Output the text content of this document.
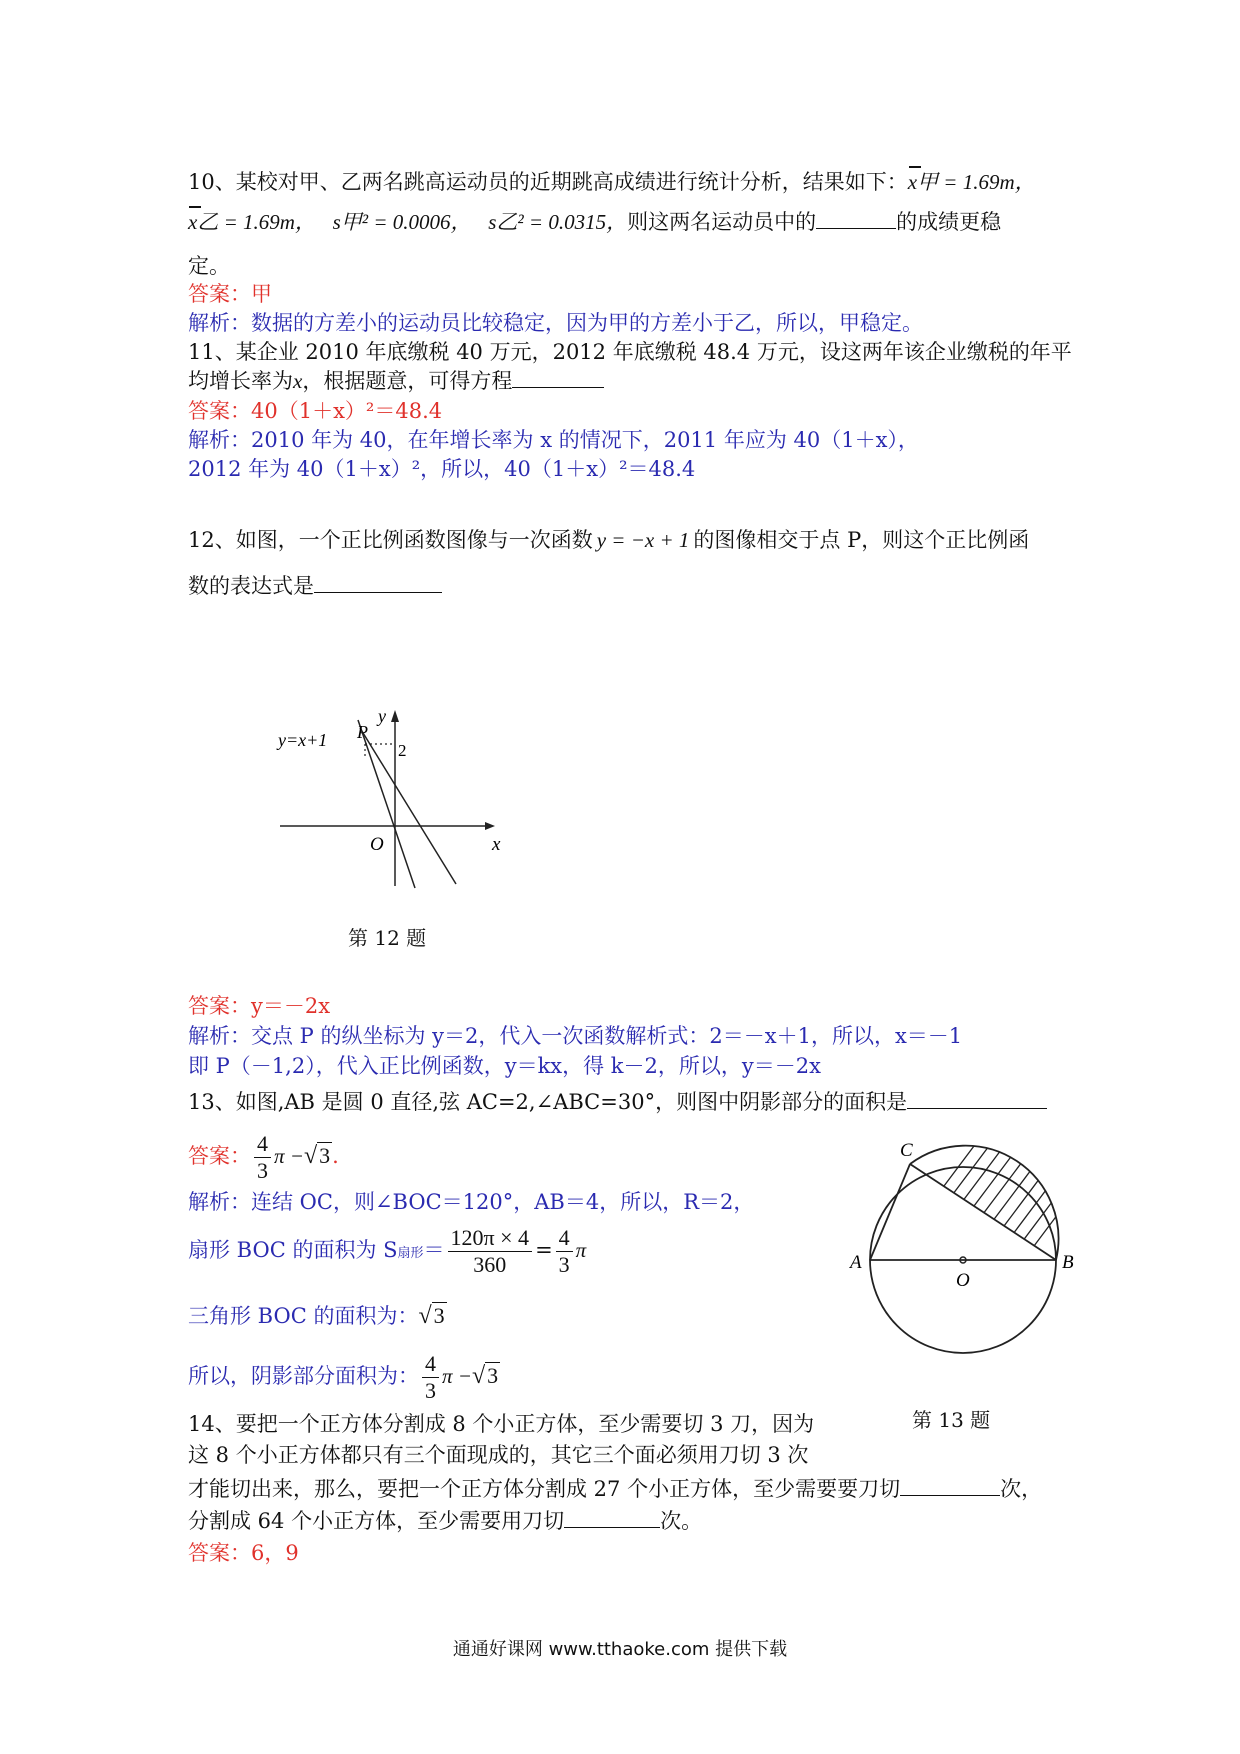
10、某校对甲、乙两名跳高运动员的近期跳高成绩进行统计分析，结果如下：x甲 = 1.69m，
x乙 = 1.69m， s甲² = 0.0006， s乙² = 0.0315，则这两名运动员中的	的成绩更稳
定。
答案：甲
解析：数据的方差小的运动员比较稳定，因为甲的方差小于乙，所以，甲稳定。
11、某企业 2010 年底缴税 40 万元，2012 年底缴税 48.4 万元，设这两年该企业缴税的年平
均增长率为x，根据题意，可得方程
答案：40（1＋x）²＝48.4
解析：2010 年为 40，在年增长率为 x 的情况下，2011 年应为 40（1＋x），
2012 年为 40（1＋x）²，所以，40（1＋x）²＝48.4
12、如图，一个正比例函数图像与一次函数 y = −x + 1 的图像相交于点 P，则这个正比例函
数的表达式是
y=x+1 P
y
2
O	x
第 12 题
答案：y＝－2x
解析：交点 P 的纵坐标为 y＝2，代入一次函数解析式：2＝－x＋1，所以，x＝－1
即 P（－1,2），代入正比例函数，y＝kx，得 k－2，所以，y＝－2x
13、如图,AB 是圆 0 直径,弦 AC=2,∠ABC=30°，则图中阴影部分的面积是
答案： $\frac{4}{3}$ π −√3.
解析：连结 OC，则∠BOC＝120°，AB＝4，所以，R＝2，
扇形 BOC 的面积为 S扇形＝ $\frac{120\pi \times 4}{360} = \frac{4}{3}$ π
三角形 BOC 的面积为：√3
所以，阴影部分面积为： $\frac{4}{3}$ π −√3
C
A
O
B
第 13 题
14、要把一个正方体分割成 8 个小正方体，至少需要切 3 刀，因为
这 8 个小正方体都只有三个面现成的，其它三个面必须用刀切 3 次
才能切出来，那么，要把一个正方体分割成 27 个小正方体，至少需要要刀切	次，
分割成 64 个小正方体，至少需要用刀切	次。
答案：6，9
通通好课网 www.tthaoke.com 提供下载
